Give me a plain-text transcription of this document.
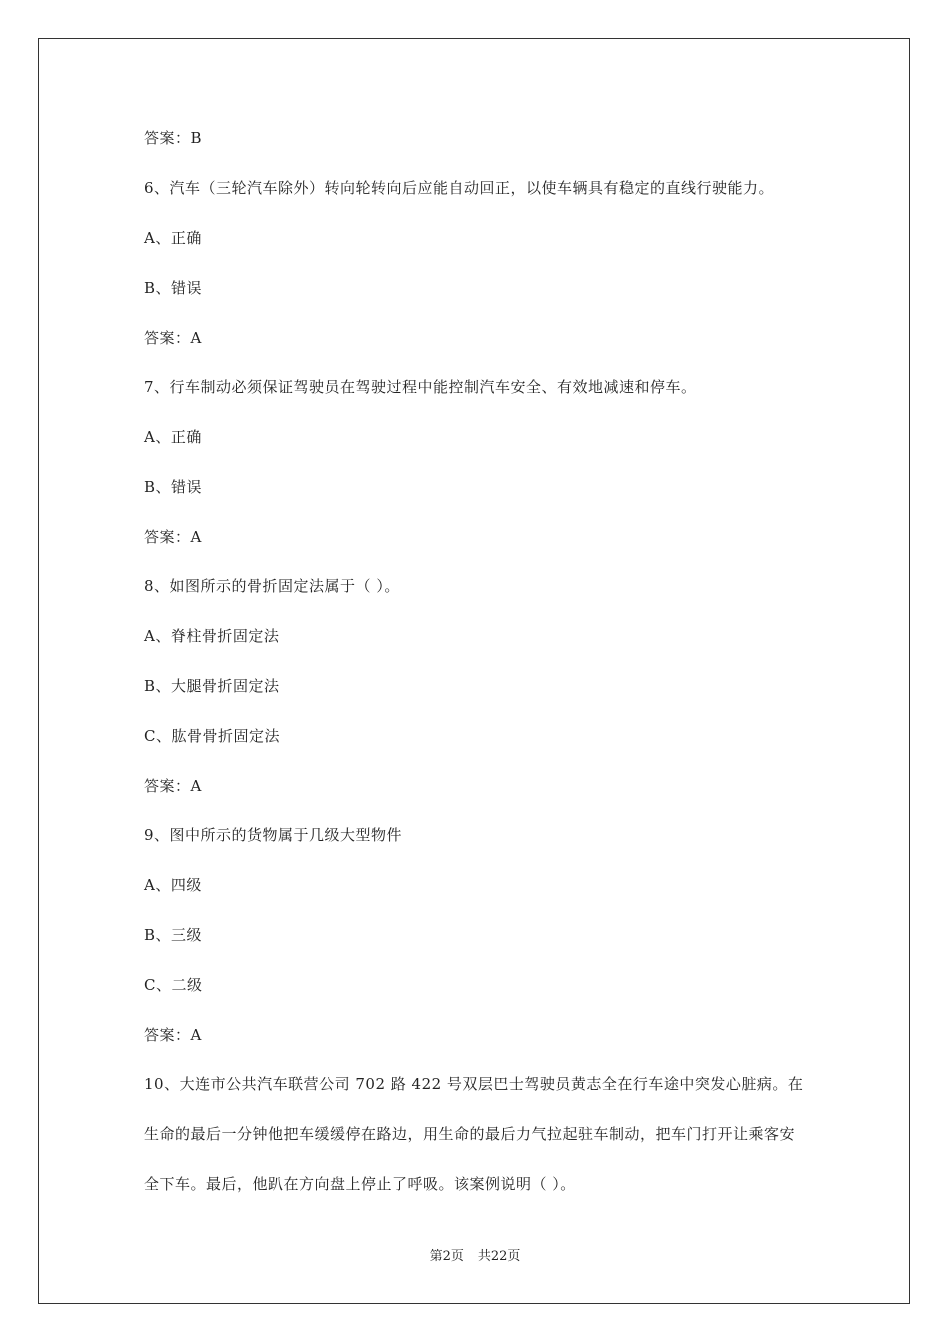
答案：B
6、汽车（三轮汽车除外）转向轮转向后应能自动回正，以使车辆具有稳定的直线行驶能力。
A、正确
B、错误
答案：A
7、行车制动必须保证驾驶员在驾驶过程中能控制汽车安全、有效地减速和停车。
A、正确
B、错误
答案：A
8、如图所示的骨折固定法属于（ ）。
A、脊柱骨折固定法
B、大腿骨折固定法
C、肱骨骨折固定法
答案：A
9、图中所示的货物属于几级大型物件
A、四级
B、三级
C、二级
答案：A
10、大连市公共汽车联营公司 702 路 422 号双层巴士驾驶员黄志全在行车途中突发心脏病。在
生命的最后一分钟他把车缓缓停在路边，用生命的最后力气拉起驻车制动，把车门打开让乘客安
全下车。最后，他趴在方向盘上停止了呼吸。该案例说明（ ）。
第2页 共22页
